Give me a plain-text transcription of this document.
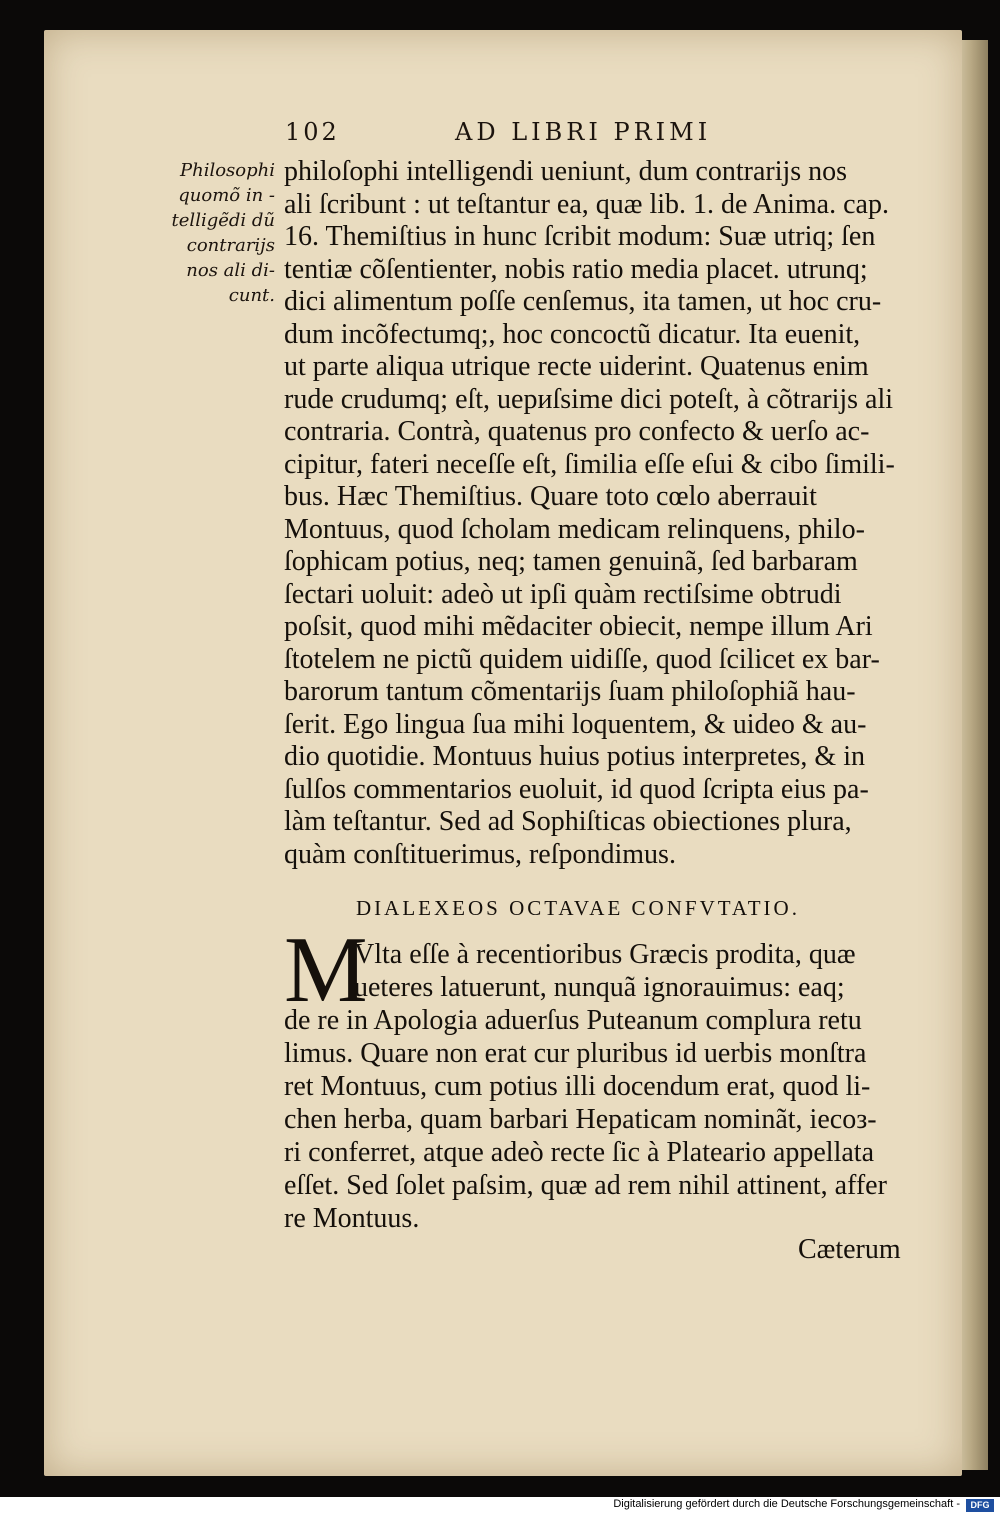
102	AD LIBRI PRIMI
Philosophi
quomõ in -
telligẽdi dũ
contrarijs
nos ali di-
cunt.
philoſophi intelligendi ueniunt, dum contrarijs nos
ali ſcribunt : ut teſtantur ea, quæ lib. 1. de Anima. cap.
16. Themiſtius in hunc ſcribit modum: Suæ utriq; ſen
tentiæ cõſentienter, nobis ratio media placet. utrunq;
dici alimentum poſſe cenſemus, ita tamen, ut hoc cru-
dum incõfectumq;, hoc concoctũ dicatur. Ita euenit,
ut parte aliqua utrique recte uiderint. Quatenus enim
rude crudumq; eſt, uериſsime dici poteſt, à cõtrarijs ali
contraria. Contrà, quatenus pro confecto & uerſo ac-
cipitur, fateri neceſſe eſt, ſimilia eſſe eſui & cibo ſimili-
bus. Hæc Themiſtius. Quare toto cœlo aberrauit
Montuus, quod ſcholam medicam relinquens, philo-
ſophicam potius, neq; tamen genuinã, ſed barbaram
ſectari uoluit: adeò ut ipſi quàm rectiſsime obtrudi
poſsit, quod mihi mẽdaciter obiecit, nempe illum Ari
ſtotelem ne pictũ quidem uidiſſe, quod ſcilicet ex bar-
barorum tantum cõmentarijs ſuam philoſophiã hau-
ſerit. Ego lingua ſua mihi loquentem, & uideo & au-
dio quotidie. Montuus huius potius interpretes, & in
ſulſos commentarios euoluit, id quod ſcripta eius pa-
làm teſtantur. Sed ad Sophiſticas obiectiones plura,
quàm conſtituerimus, reſpondimus.
DIALEXEOS OCTAVAE CONFVTATIO.
M
Vlta eſſe à recentioribus Græcis prodita, quæ
ueteres latuerunt, nunquã ignorauimus: eaq;
de re in Apologia aduerſus Puteanum complura retu
limus. Quare non erat cur pluribus id uerbis monſtra
ret Montuus, cum potius illi docendum erat, quod li-
chen herba, quam barbari Hepaticam nominãt, iecoз-
ri conferret, atque adeò recte ſic à Plateario appellata
eſſet. Sed ſolet paſsim, quæ ad rem nihil attinent, affer
re Montuus.
Cæterum
Digitalisierung gefördert durch die Deutsche Forschungsgemeinschaft -	DFG
